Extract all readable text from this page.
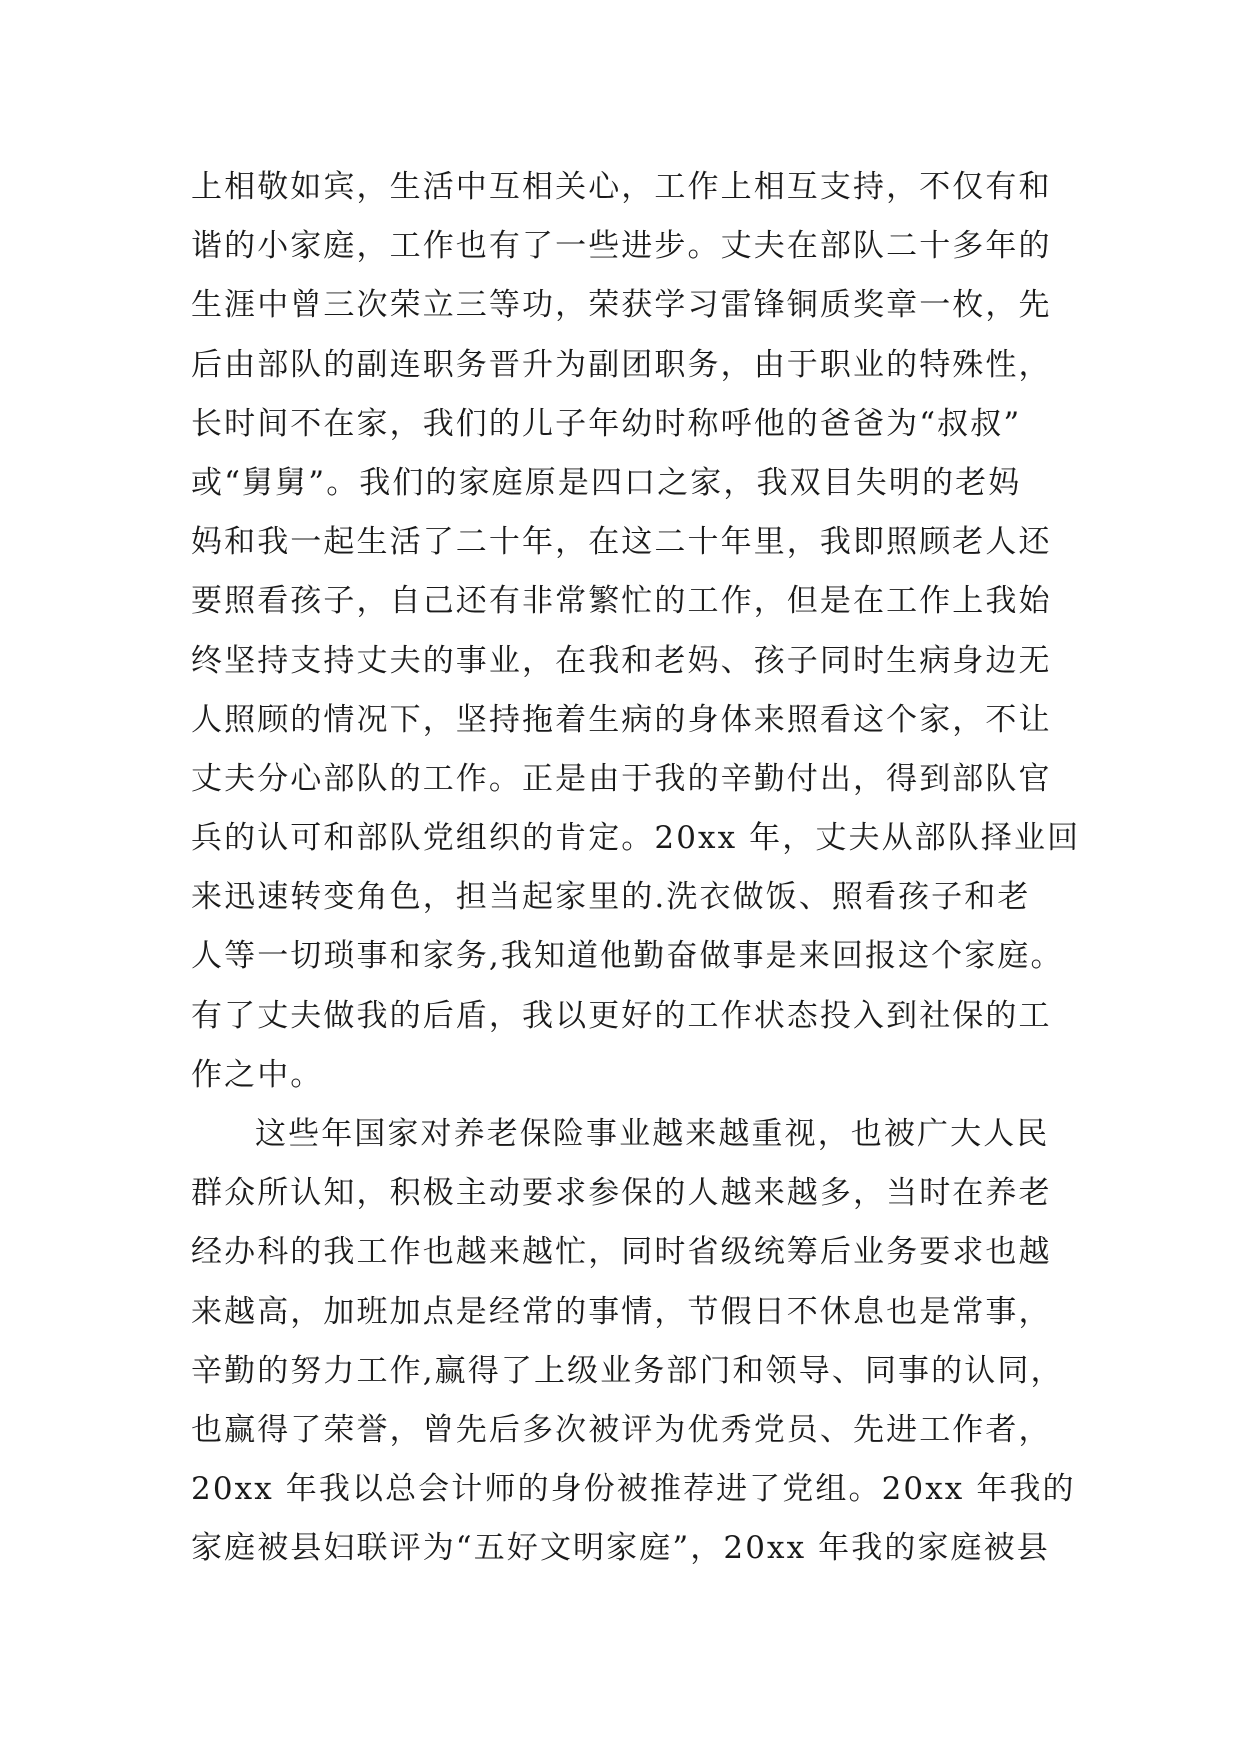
上相敬如宾，生活中互相关心，工作上相互支持，不仅有和
谐的小家庭，工作也有了一些进步。丈夫在部队二十多年的
生涯中曾三次荣立三等功，荣获学习雷锋铜质奖章一枚，先
后由部队的副连职务晋升为副团职务，由于职业的特殊性，
长时间不在家，我们的儿子年幼时称呼他的爸爸为“叔叔”
或“舅舅”。我们的家庭原是四口之家，我双目失明的老妈
妈和我一起生活了二十年，在这二十年里，我即照顾老人还
要照看孩子，自己还有非常繁忙的工作，但是在工作上我始
终坚持支持丈夫的事业，在我和老妈、孩子同时生病身边无
人照顾的情况下，坚持拖着生病的身体来照看这个家，不让
丈夫分心部队的工作。正是由于我的辛勤付出，得到部队官
兵的认可和部队党组织的肯定。20xx 年，丈夫从部队择业回
来迅速转变角色，担当起家里的.洗衣做饭、照看孩子和老
人等一切琐事和家务,我知道他勤奋做事是来回报这个家庭。
有了丈夫做我的后盾，我以更好的工作状态投入到社保的工
作之中。
这些年国家对养老保险事业越来越重视，也被广大人民
群众所认知，积极主动要求参保的人越来越多，当时在养老
经办科的我工作也越来越忙，同时省级统筹后业务要求也越
来越高，加班加点是经常的事情，节假日不休息也是常事，
辛勤的努力工作,赢得了上级业务部门和领导、同事的认同，
也赢得了荣誉，曾先后多次被评为优秀党员、先进工作者，
20xx 年我以总会计师的身份被推荐进了党组。20xx 年我的
家庭被县妇联评为“五好文明家庭”，20xx 年我的家庭被县
